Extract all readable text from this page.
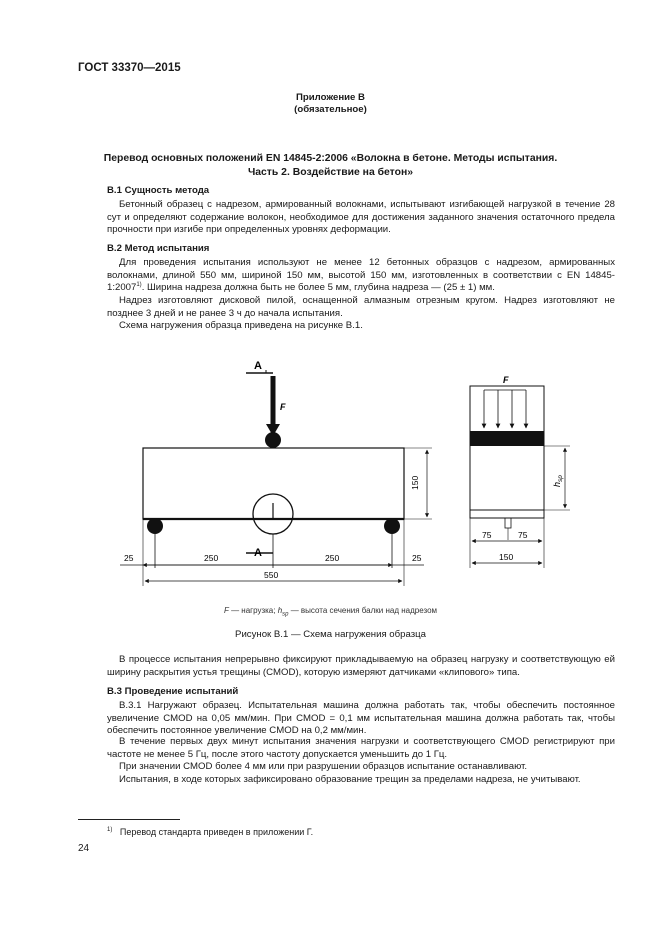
ГОСТ 33370—2015
Приложение В
(обязательное)
Перевод основных положений EN 14845-2:2006 «Волокна в бетоне. Методы испытания.
Часть 2. Воздействие на бетон»
В.1 Сущность метода
Бетонный образец с надрезом, армированный волокнами, испытывают изгибающей нагрузкой в течение 28 сут и определяют содержание волокон, необходимое для достижения заданного значения остаточного предела прочности при изгибе при определенных уровнях деформации.
В.2 Метод испытания
Для проведения испытания используют не менее 12 бетонных образцов с надрезом, армированных волокнами, длиной 550 мм, шириной 150 мм, высотой 150 мм, изготовленных в соответствии с EN 14845-1:2007$^{1)}$. Ширина надреза должна быть не более 5 мм, глубина надреза — (25 ± 1) мм.
Надрез изготовляют дисковой пилой, оснащенной алмазным отрезным кругом. Надрез изготовляют не позднее 3 дней и не ранее 3 ч до начала испытания.
Схема нагружения образца приведена на рисунке В.1.
А
F
А
150
25	250	250	25
550
F
$h_{sp}$
75	75
150
F — нагрузка; $h_{sp}$ — высота сечения балки над надрезом
Рисунок В.1 — Схема нагружения образца
В процессе испытания непрерывно фиксируют прикладываемую на образец нагрузку и соответствующую ей ширину раскрытия устья трещины (CMOD), которую измеряют датчиками «клипового» типа.
В.3 Проведение испытаний
В.3.1 Нагружают образец. Испытательная машина должна работать так, чтобы обеспечить постоянное увеличение CMOD на 0,05 мм/мин. При CMOD = 0,1 мм испытательная машина должна работать так, чтобы обеспечить постоянное увеличение CMOD на 0,2 мм/мин.
В течение первых двух минут испытания значения нагрузки и соответствующего CMOD регистрируют при частоте не менее 5 Гц, после этого частоту допускается уменьшить до 1 Гц.
При значении CMOD более 4 мм или при разрушении образцов испытание останавливают.
Испытания, в ходе которых зафиксировано образование трещин за пределами надреза, не учитывают.
$^{1)}$ Перевод стандарта приведен в приложении Г.
24
